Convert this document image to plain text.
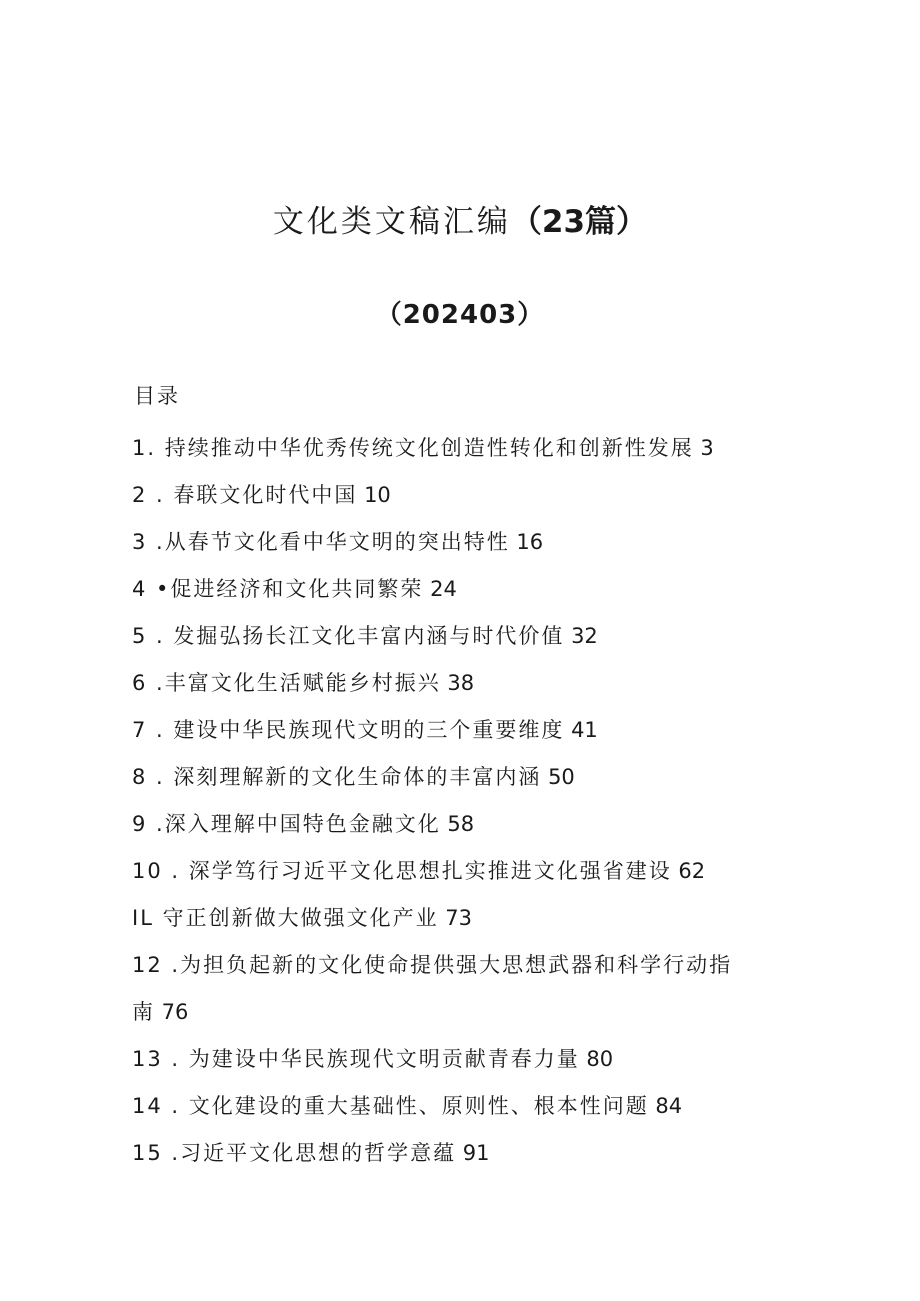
文化类文稿汇编（23篇）
（202403）
目录
1. 持续推动中华优秀传统文化创造性转化和创新性发展 3
2 . 春联文化时代中国 10
3 .从春节文化看中华文明的突出特性 16
4 •促进经济和文化共同繁荣 24
5 . 发掘弘扬长江文化丰富内涵与时代价值 32
6 .丰富文化生活赋能乡村振兴 38
7 . 建设中华民族现代文明的三个重要维度 41
8 . 深刻理解新的文化生命体的丰富内涵 50
9 .深入理解中国特色金融文化 58
10 . 深学笃行习近平文化思想扎实推进文化强省建设 62
IL 守正创新做大做强文化产业 73
12 .为担负起新的文化使命提供强大思想武器和科学行动指
南 76
13 . 为建设中华民族现代文明贡献青春力量 80
14 . 文化建设的重大基础性、原则性、根本性问题 84
15 .习近平文化思想的哲学意蕴 91
